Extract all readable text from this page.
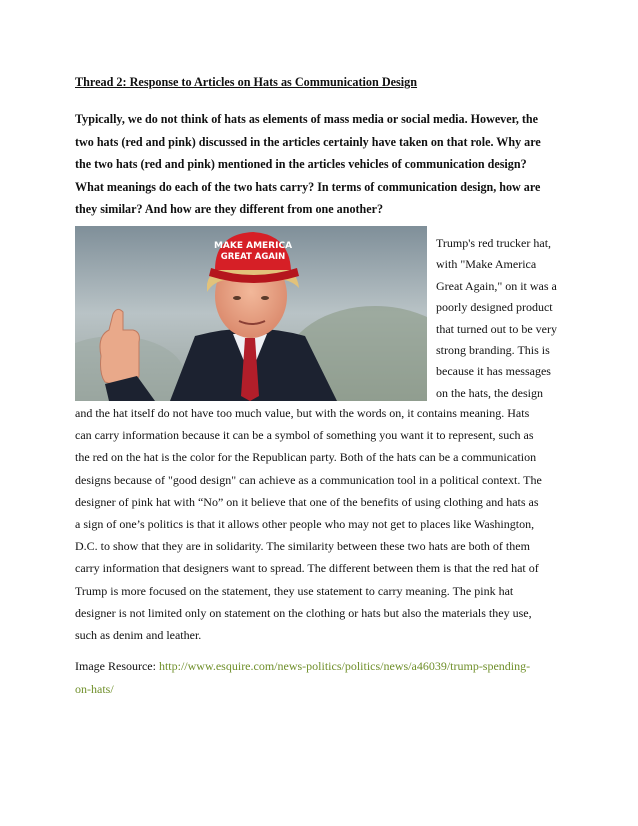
Thread 2: Response to Articles on Hats as Communication Design
Typically, we do not think of hats as elements of mass media or social media. However, the
two hats (red and pink) discussed in the articles certainly have taken on that role. Why are
the two hats (red and pink) mentioned in the articles vehicles of communication design?
What meanings do each of the two hats carry? In terms of communication design, how are
they similar? And how are they different from one another?
MAKE AMERICA
GREAT AGAIN
Trump's red trucker hat,
with "Make America
Great Again," on it was a
poorly designed product
that turned out to be very
strong branding. This is
because it has messages
on the hats, the design
and the hat itself do not have too much value, but with the words on, it contains meaning. Hats
can carry information because it can be a symbol of something you want it to represent, such as
the red on the hat is the color for the Republican party. Both of the hats can be a communication
designs because of "good design" can achieve as a communication tool in a political context. The
designer of pink hat with “No” on it believe that one of the benefits of using clothing and hats as
a sign of one’s politics is that it allows other people who may not get to places like Washington,
D.C. to show that they are in solidarity. The similarity between these two hats are both of them
carry information that designers want to spread. The different between them is that the red hat of
Trump is more focused on the statement, they use statement to carry meaning. The pink hat
designer is not limited only on statement on the clothing or hats but also the materials they use,
such as denim and leather.
Image Resource: http://www.esquire.com/news-politics/politics/news/a46039/trump-spending-
on-hats/
